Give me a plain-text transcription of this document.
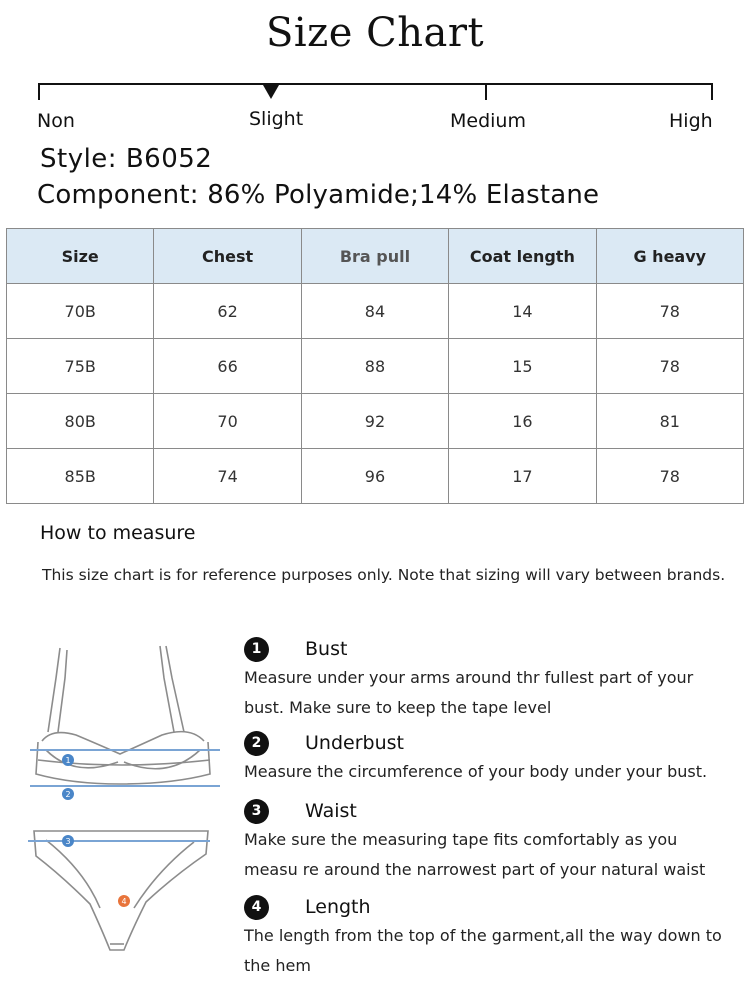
Size Chart
Non	Slight	Medium	High
Style: B6052
Component: 86% Polyamide;14% Elastane
Size	Chest	Bra pull	Coat length	G heavy
70B	62	84	14	78
75B	66	88	15	78
80B	70	92	16	81
85B	74	96	17	78
How to measure
This size chart is for reference purposes only. Note that sizing will vary between brands.
1
2
3
4
1	Bust
Measure under your arms around thr fullest part of your bust. Make sure to keep the tape level
2	Underbust
Measure the circumference of your body under your bust.
3	Waist
Make sure the measuring tape fits comfortably as you measu re around the narrowest part of your natural waist
4	Length
The length from the top of the garment,all the way down to the hem
